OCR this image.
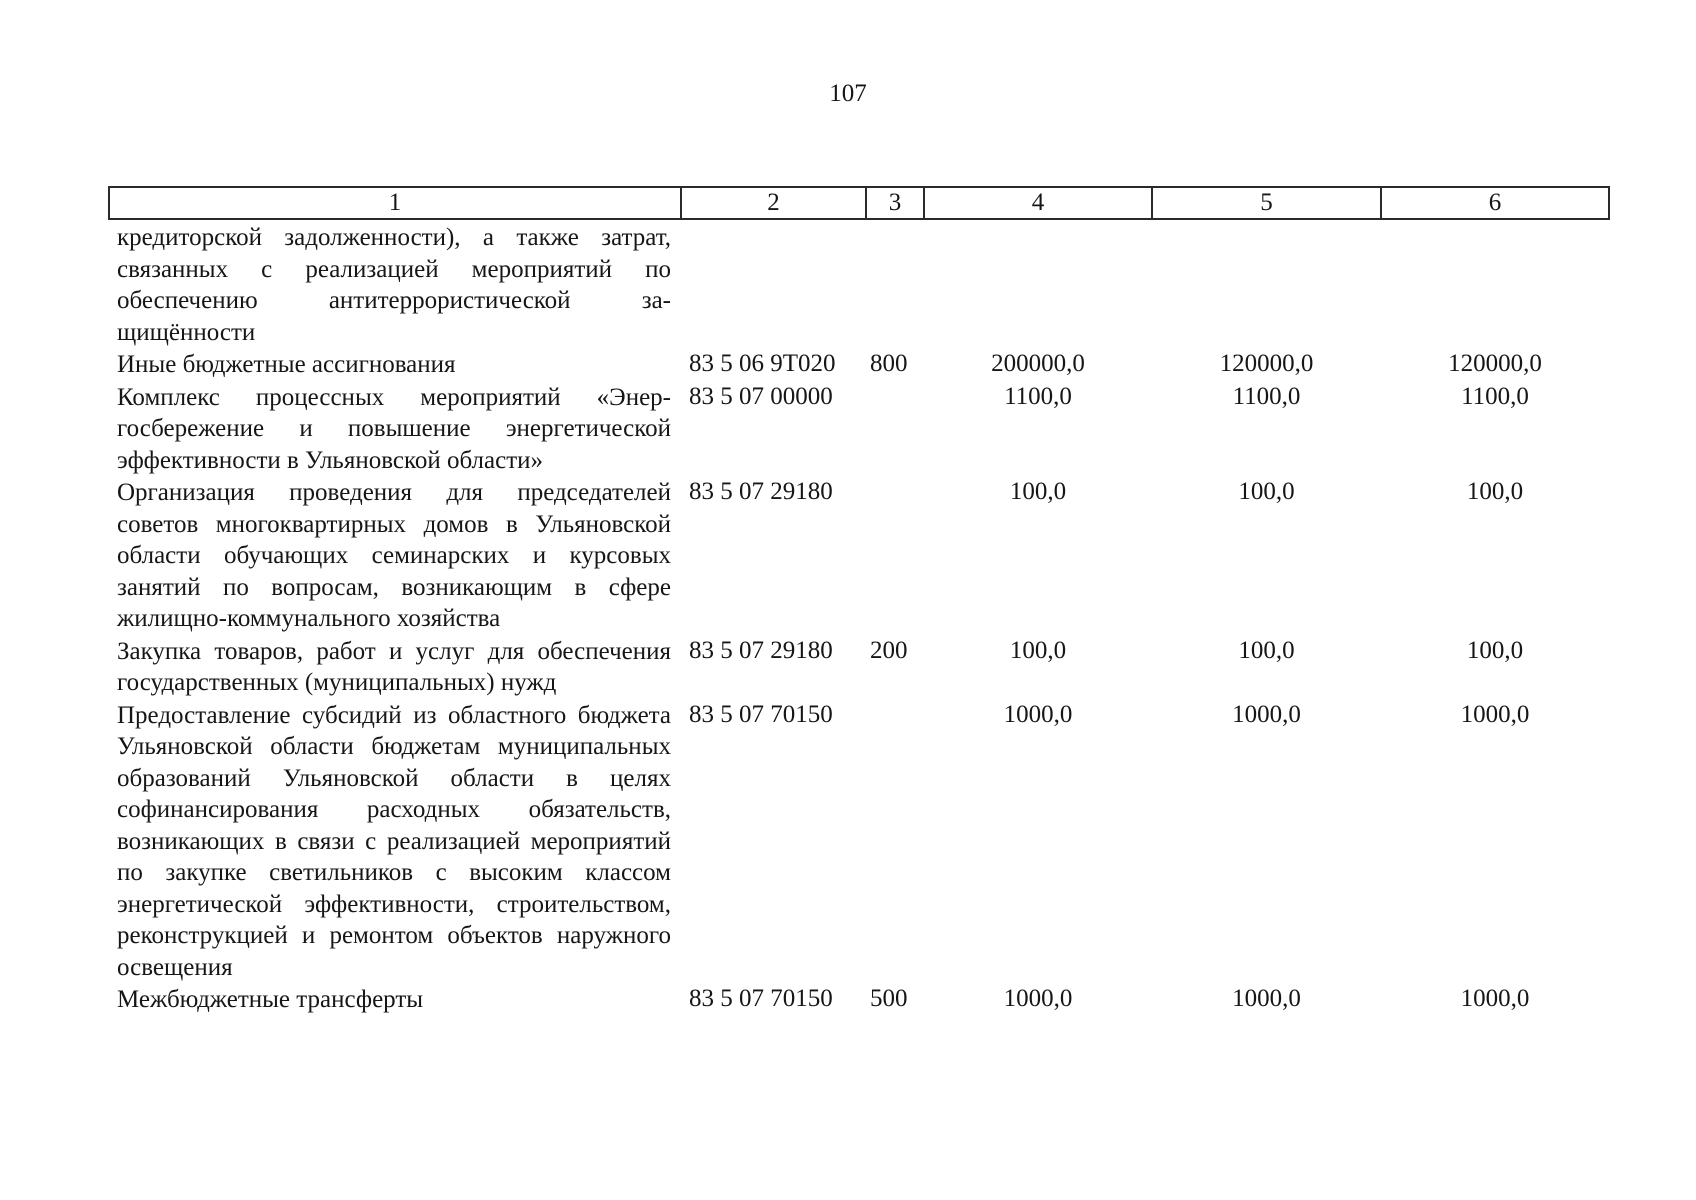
107
1	2	3	4	5	6
кредиторской задолженности), а также затрат, связанных с реализацией мероприятий по обеспечению антитеррористической защищённости					
Иные бюджетные ассигнования	83 5 06 9Т020	800	200000,0	120000,0	120000,0
Комплекс процессных мероприятий «Энергосбережение и повышение энергетической эффективности в Ульяновской области»	83 5 07 00000		1100,0	1100,0	1100,0
Организация проведения для председателей советов многоквартирных домов в Ульяновской области обучающих семинарских и курсовых занятий по вопросам, возникающим в сфере жилищно-коммунального хозяйства	83 5 07 29180		100,0	100,0	100,0
Закупка товаров, работ и услуг для обеспечения государственных (муниципальных) нужд	83 5 07 29180	200	100,0	100,0	100,0
Предоставление субсидий из областного бюджета Ульяновской области бюджетам муниципальных образований Ульяновской области в целях софинансирования расходных обязательств, возникающих в связи с реализацией мероприятий по закупке светильников с высоким классом энергетической эффективности, строительством, реконструкцией и ремонтом объектов наружного освещения	83 5 07 70150		1000,0	1000,0	1000,0
Межбюджетные трансферты	83 5 07 70150	500	1000,0	1000,0	1000,0
